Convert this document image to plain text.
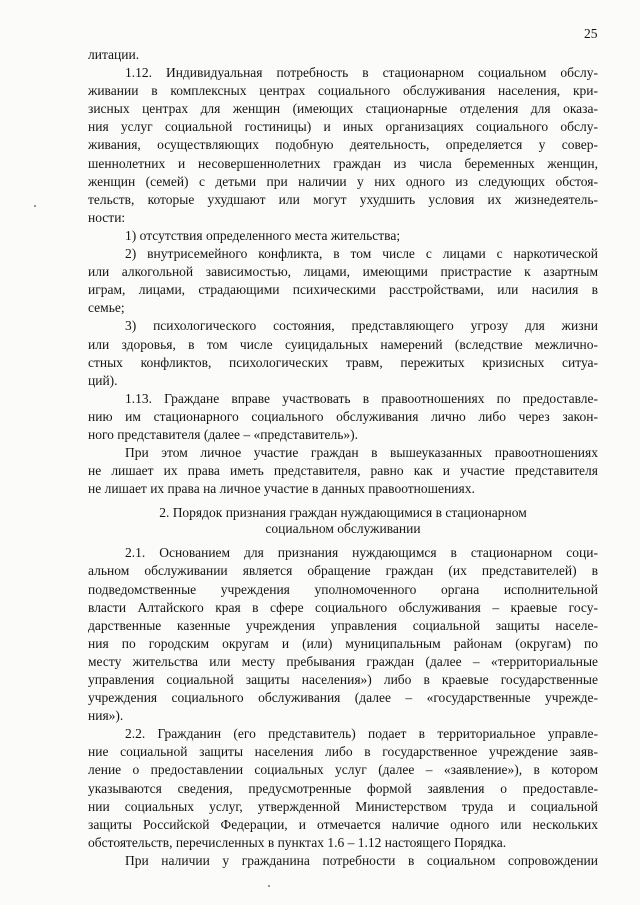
25
литации.
1.12. Индивидуальная потребность в стационарном социальном обслу-
живании в комплексных центрах социального обслуживания населения, кри-
зисных центрах для женщин (имеющих стационарные отделения для оказа-
ния услуг социальной гостиницы) и иных организациях социального обслу-
живания, осуществляющих подобную деятельность, определяется у совер-
шеннолетних и несовершеннолетних граждан из числа беременных женщин,
женщин (семей) с детьми при наличии у них одного из следующих обстоя-
тельств, которые ухудшают или могут ухудшить условия их жизнедеятель-
ности:
1) отсутствия определенного места жительства;
2) внутрисемейного конфликта, в том числе с лицами с наркотической
или алкогольной зависимостью, лицами, имеющими пристрастие к азартным
играм, лицами, страдающими психическими расстройствами, или насилия в
семье;
3) психологического состояния, представляющего угрозу для жизни
или здоровья, в том числе суицидальных намерений (вследствие межлично-
стных конфликтов, психологических травм, пережитых кризисных ситуа-
ций).
1.13. Граждане вправе участвовать в правоотношениях по предоставле-
нию им стационарного социального обслуживания лично либо через закон-
ного представителя (далее – «представитель»).
При этом личное участие граждан в вышеуказанных правоотношениях
не лишает их права иметь представителя, равно как и участие представителя
не лишает их права на личное участие в данных правоотношениях.
2. Порядок признания граждан нуждающимися в стационарном
социальном обслуживании
2.1. Основанием для признания нуждающимся в стационарном соци-
альном обслуживании является обращение граждан (их представителей) в
подведомственные учреждения уполномоченного органа исполнительной
власти Алтайского края в сфере социального обслуживания – краевые госу-
дарственные казенные учреждения управления социальной защиты населе-
ния по городским округам и (или) муниципальным районам (округам) по
месту жительства или месту пребывания граждан (далее – «территориальные
управления социальной защиты населения») либо в краевые государственные
учреждения социального обслуживания (далее – «государственные учрежде-
ния»).
2.2. Гражданин (его представитель) подает в территориальное управле-
ние социальной защиты населения либо в государственное учреждение заяв-
ление о предоставлении социальных услуг (далее – «заявление»), в котором
указываются сведения, предусмотренные формой заявления о предоставле-
нии социальных услуг, утвержденной Министерством труда и социальной
защиты Российской Федерации, и отмечается наличие одного или нескольких
обстоятельств, перечисленных в пунктах 1.6 – 1.12 настоящего Порядка.
При наличии у гражданина потребности в социальном сопровождении
